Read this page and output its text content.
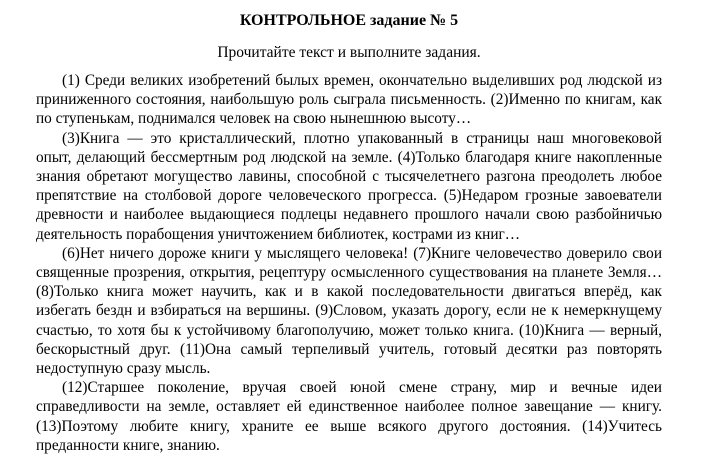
КОНТРОЛЬНОЕ задание № 5

Прочитайте текст и выполните задания.

(1) Среди великих изобретений былых времен, окончательно выделивших род людской из приниженного состояния, наибольшую роль сыграла письменность. (2)Именно по книгам, как по ступенькам, поднимался человек на свою нынешнюю высоту…

(3)Книга — это кристаллический, плотно упакованный в страницы наш многовековой опыт, делающий бессмертным род людской на земле. (4)Только благодаря книге накопленные знания обретают могущество лавины, способной с тысячелетнего разгона преодолеть любое препятствие на столбовой дороге человеческого прогресса. (5)Недаром грозные завоеватели древности и наиболее выдающиеся подлецы недавнего прошлого начали свою разбойничью деятельность порабощения уничтожением библиотек, кострами из книг…

(6)Нет ничего дороже книги у мыслящего человека! (7)Книге человечество доверило свои священные прозрения, открытия, рецептуру осмысленного существования на планете Земля… (8)Только книга может научить, как и в какой последовательности двигаться вперёд, как избегать бездн и взбираться на вершины. (9)Словом, указать дорогу, если не к немеркнущему счастью, то хотя бы к устойчивому благополучию, может только книга. (10)Книга — верный, бескорыстный друг. (11)Она самый терпеливый учитель, готовый десятки раз повторять недоступную сразу мысль.

(12)Старшее поколение, вручая своей юной смене страну, мир и вечные идеи справедливости на земле, оставляет ей единственное наиболее полное завещание — книгу. (13)Поэтому любите книгу, храните ее выше всякого другого достояния. (14)Учитесь преданности книге, знанию.
